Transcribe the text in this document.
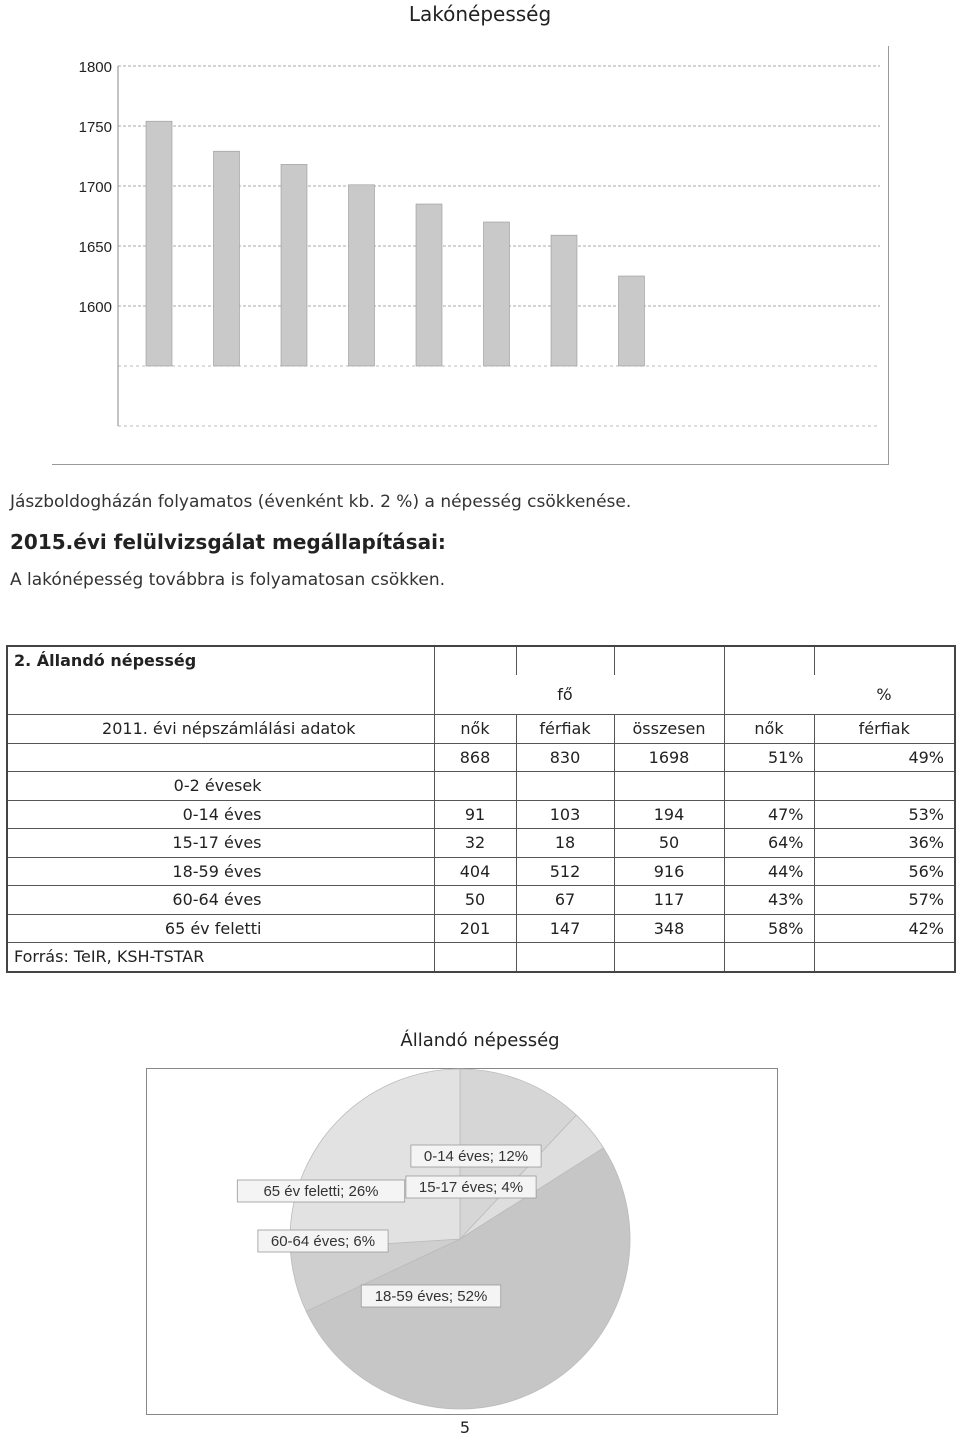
Lakónépesség
1800
1750
1700
1650
1600
Jászboldogházán folyamatos (évenként kb. 2 %) a népesség csökkenése.
2015.évi felülvizsgálat megállapításai:
A lakónépesség továbbra is folyamatosan csökken.
2. Állandó népesség					
		fő			%
2011. évi népszámlálási adatok	nők	férfiak	összesen	nők	férfiak
	868	830	1698	51%	49%
0-2 évesek					
0-14 éves	91	103	194	47%	53%
15-17 éves	32	18	50	64%	36%
18-59 éves	404	512	916	44%	56%
60-64 éves	50	67	117	43%	57%
65 év feletti	201	147	348	58%	42%
Forrás: TeIR, KSH-TSTAR					
Állandó népesség
0-14 éves; 12%
15-17 éves; 4%
18-59 éves; 52%
60-64 éves; 6%
65 év feletti; 26%
5
